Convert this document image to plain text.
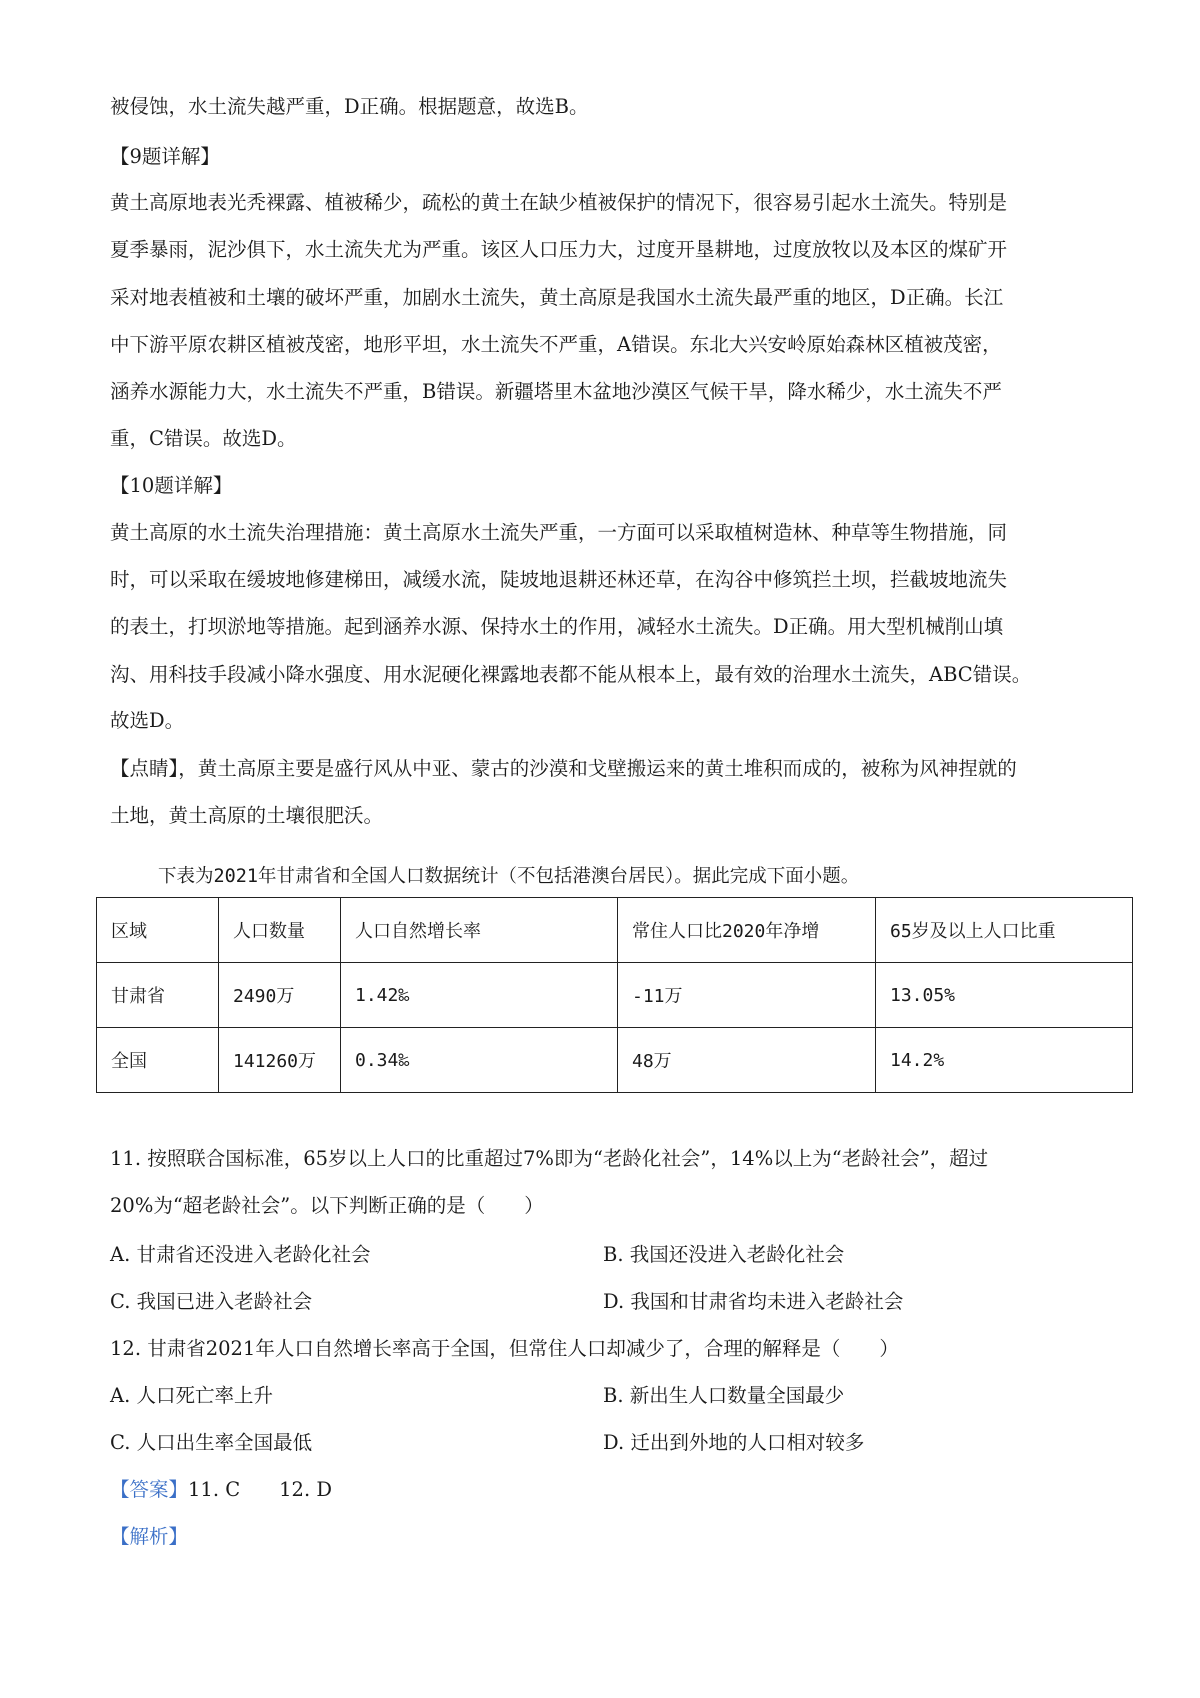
被侵蚀，水土流失越严重，D正确。根据题意，故选B。
【9题详解】
黄土高原地表光秃裸露、植被稀少，疏松的黄土在缺少植被保护的情况下，很容易引起水土流失。特别是
夏季暴雨，泥沙俱下，水土流失尤为严重。该区人口压力大，过度开垦耕地，过度放牧以及本区的煤矿开
采对地表植被和土壤的破坏严重，加剧水土流失，黄土高原是我国水土流失最严重的地区，D正确。长江
中下游平原农耕区植被茂密，地形平坦，水土流失不严重，A错误。东北大兴安岭原始森林区植被茂密，
涵养水源能力大，水土流失不严重，B错误。新疆塔里木盆地沙漠区气候干旱，降水稀少，水土流失不严
重，C错误。故选D。
【10题详解】
黄土高原的水土流失治理措施：黄土高原水土流失严重，一方面可以采取植树造林、种草等生物措施，同
时，可以采取在缓坡地修建梯田，减缓水流，陡坡地退耕还林还草，在沟谷中修筑拦土坝，拦截坡地流失
的表土，打坝淤地等措施。起到涵养水源、保持水土的作用，减轻水土流失。D正确。用大型机械削山填
沟、用科技手段减小降水强度、用水泥硬化裸露地表都不能从根本上，最有效的治理水土流失，ABC错误。
故选D。
【点睛】，黄土高原主要是盛行风从中亚、蒙古的沙漠和戈壁搬运来的黄土堆积而成的，被称为风神捏就的
土地，黄土高原的土壤很肥沃。
下表为2021年甘肃省和全国人口数据统计（不包括港澳台居民）。据此完成下面小题。
区域	人口数量	人口自然增长率	常住人口比2020年净增	65岁及以上人口比重
甘肃省	2490万	1.42‰	-11万	13.05%
全国	141260万	0.34‰	48万	14.2%
11. 按照联合国标准，65岁以上人口的比重超过7%即为“老龄化社会”，14%以上为“老龄社会”，超过
20%为“超老龄社会”。以下判断正确的是（　　）
A. 甘肃省还没进入老龄化社会	B. 我国还没进入老龄化社会
C. 我国已进入老龄社会	D. 我国和甘肃省均未进入老龄社会
12. 甘肃省2021年人口自然增长率高于全国，但常住人口却减少了，合理的解释是（　　）
A. 人口死亡率上升	B. 新出生人口数量全国最少
C. 人口出生率全国最低	D. 迁出到外地的人口相对较多
【答案】11. C　　12. D
【解析】
